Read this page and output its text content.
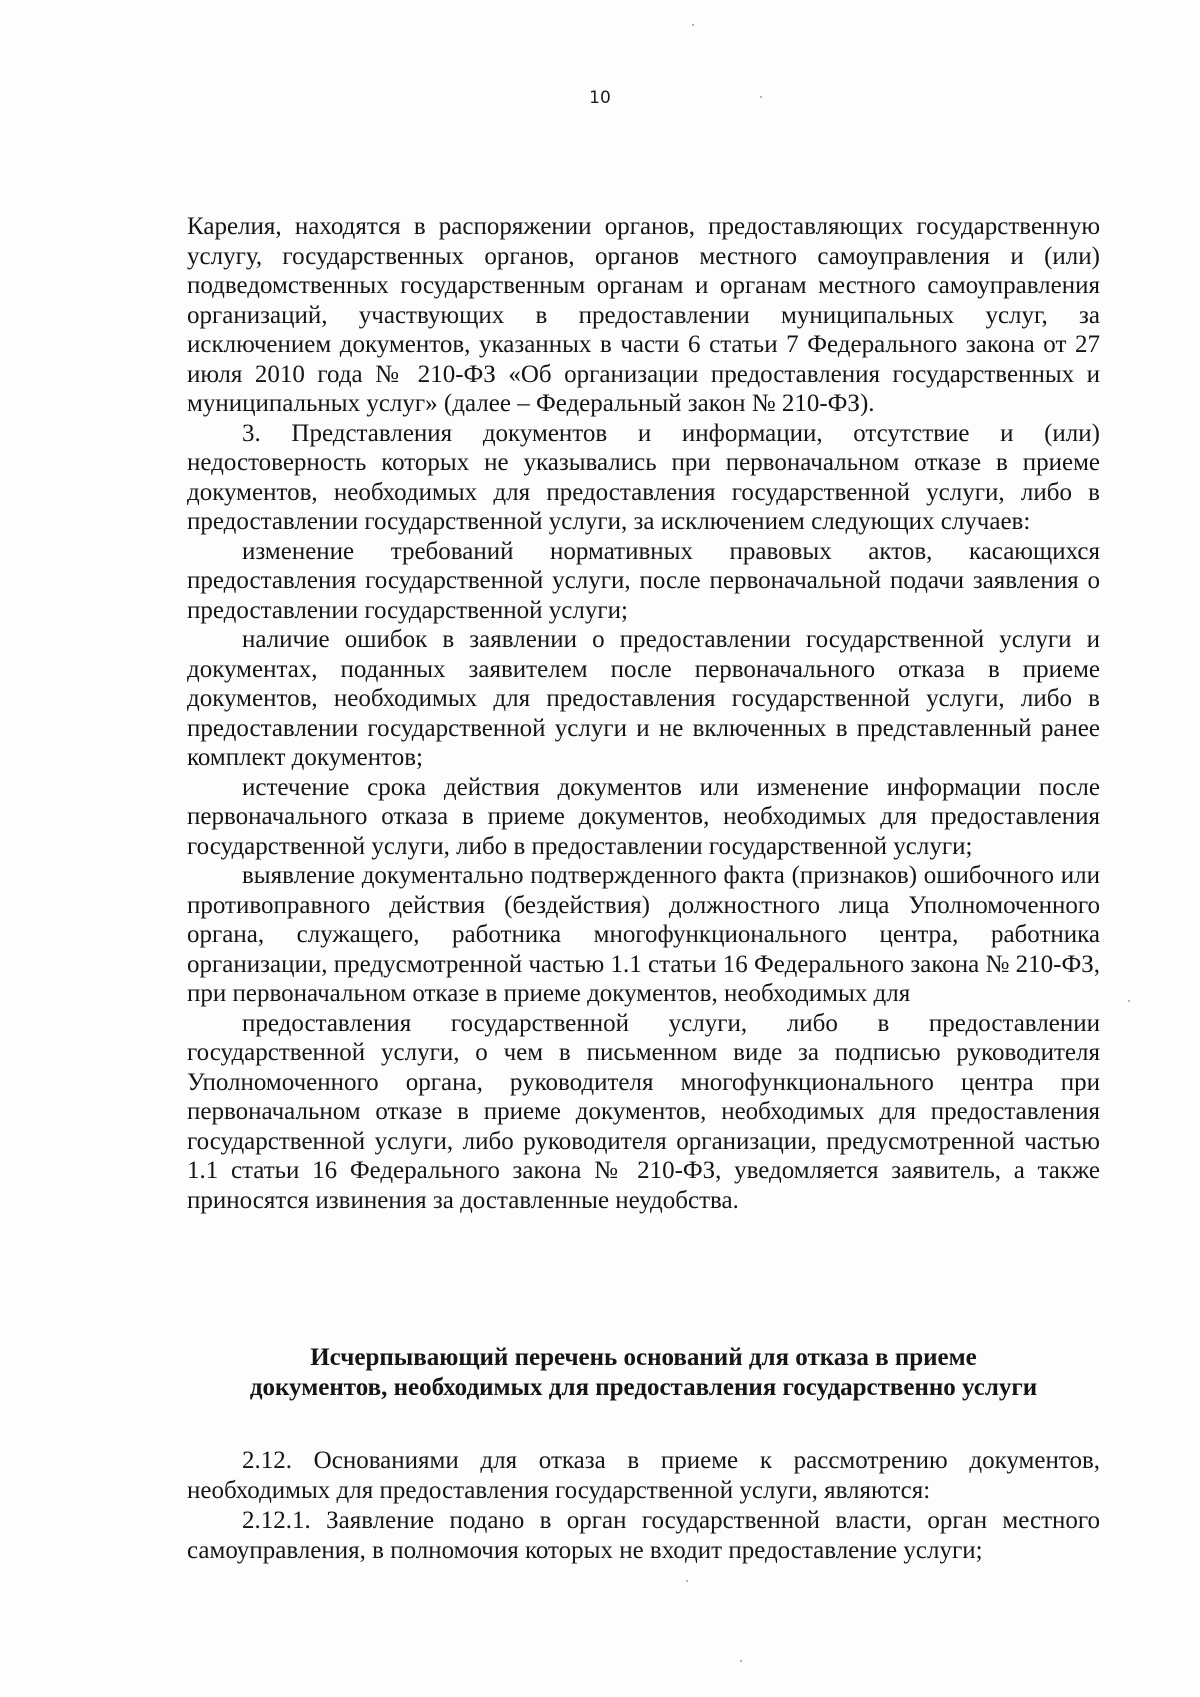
10

Карелия, находятся в распоряжении органов, предоставляющих государственную услугу, государственных органов, органов местного самоуправления и (или) подведомственных государственным органам и органам местного самоуправления организаций, участвующих в предоставлении муниципальных услуг, за исключением документов, указанных в части 6 статьи 7 Федерального закона от 27 июля 2010 года № 210-ФЗ «Об организации предоставления государственных и муниципальных услуг» (далее – Федеральный закон № 210-ФЗ).

3. Представления документов и информации, отсутствие и (или) недостоверность которых не указывались при первоначальном отказе в приеме документов, необходимых для предоставления государственной услуги, либо в предоставлении государственной услуги, за исключением следующих случаев:

изменение требований нормативных правовых актов, касающихся предоставления государственной услуги, после первоначальной подачи заявления о предоставлении государственной услуги;

наличие ошибок в заявлении о предоставлении государственной услуги и документах, поданных заявителем после первоначального отказа в приеме документов, необходимых для предоставления государственной услуги, либо в предоставлении государственной услуги и не включенных в представленный ранее комплект документов;

истечение срока действия документов или изменение информации после первоначального отказа в приеме документов, необходимых для предоставления государственной услуги, либо в предоставлении государственной услуги;

выявление документально подтвержденного факта (признаков) ошибочного или противоправного действия (бездействия) должностного лица Уполномоченного органа, служащего, работника многофункционального центра, работника организации, предусмотренной частью 1.1 статьи 16 Федерального закона № 210-ФЗ, при первоначальном отказе в приеме документов, необходимых для

предоставления государственной услуги, либо в предоставлении государственной услуги, о чем в письменном виде за подписью руководителя Уполномоченного органа, руководителя многофункционального центра при первоначальном отказе в приеме документов, необходимых для предоставления государственной услуги, либо руководителя организации, предусмотренной частью 1.1 статьи 16 Федерального закона № 210-ФЗ, уведомляется заявитель, а также приносятся извинения за доставленные неудобства.

Исчерпывающий перечень оснований для отказа в приеме
документов, необходимых для предоставления государственно услуги

2.12. Основаниями для отказа в приеме к рассмотрению документов, необходимых для предоставления государственной услуги, являются:

2.12.1. Заявление подано в орган государственной власти, орган местного самоуправления, в полномочия которых не входит предоставление услуги;
